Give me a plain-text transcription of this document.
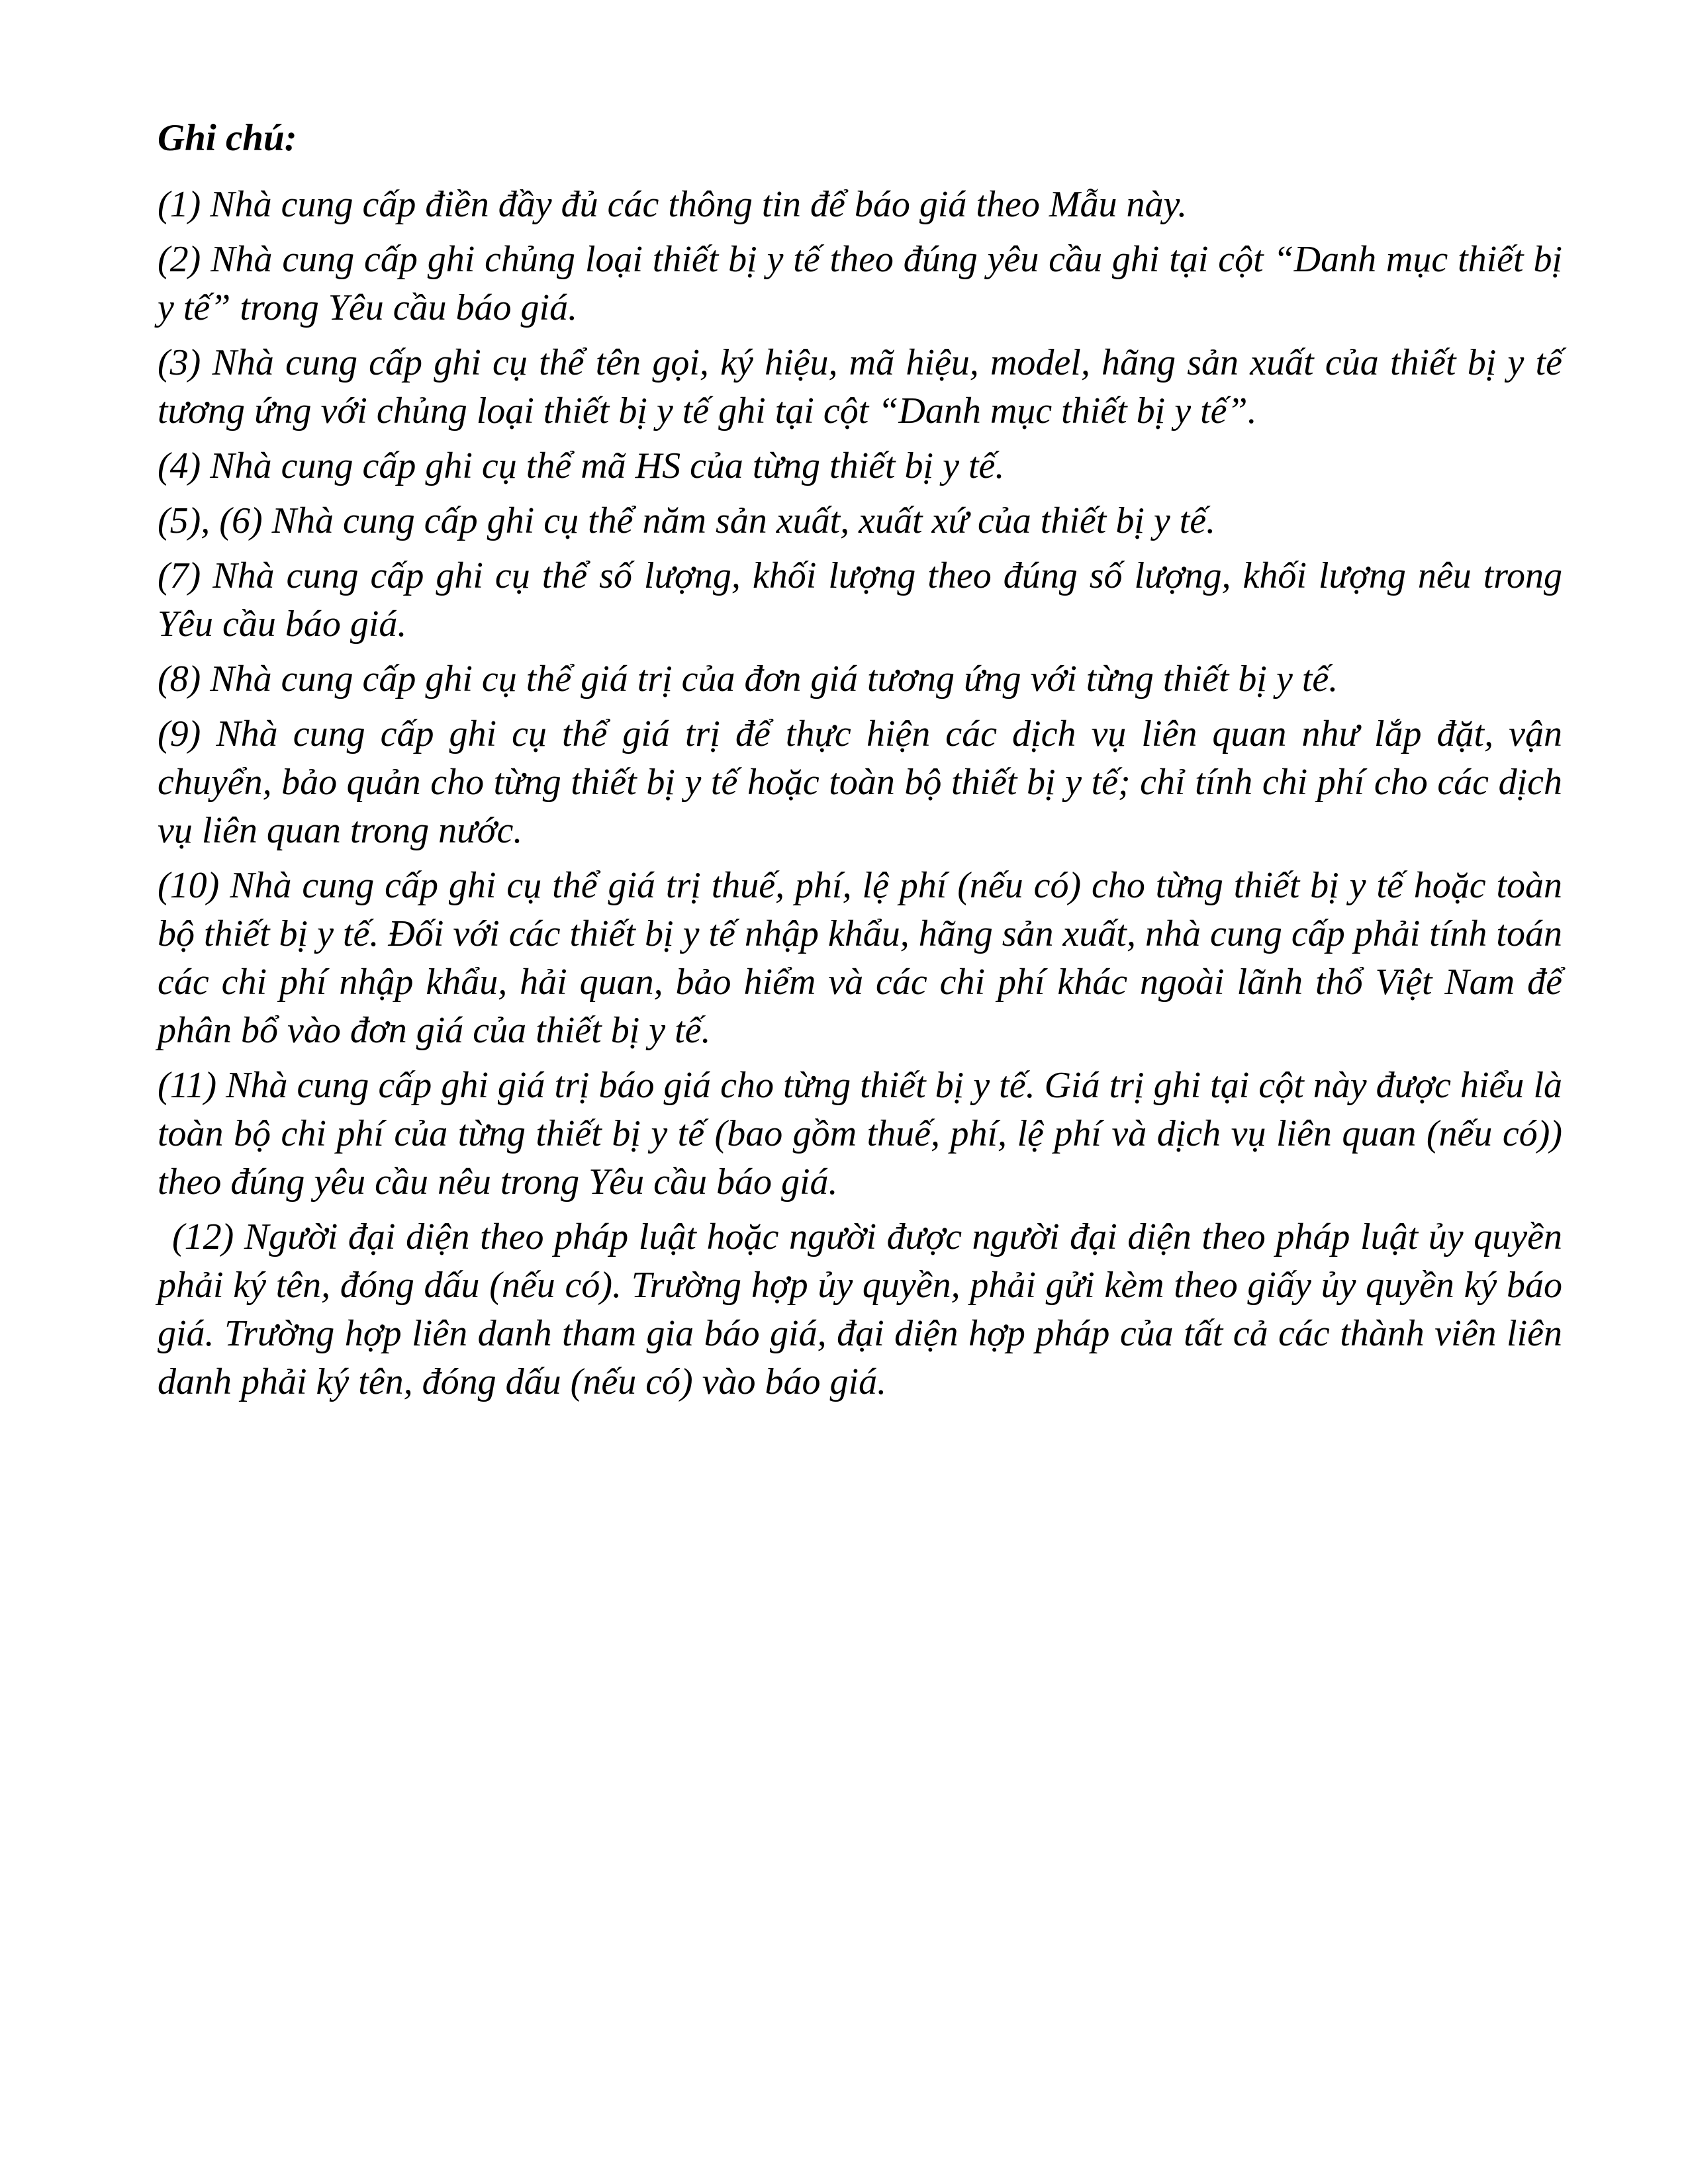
Ghi chú:

(1) Nhà cung cấp điền đầy đủ các thông tin để báo giá theo Mẫu này.

(2) Nhà cung cấp ghi chủng loại thiết bị y tế theo đúng yêu cầu ghi tại cột “Danh mục thiết bị y tế” trong Yêu cầu báo giá.

(3) Nhà cung cấp ghi cụ thể tên gọi, ký hiệu, mã hiệu, model, hãng sản xuất của thiết bị y tế tương ứng với chủng loại thiết bị y tế ghi tại cột “Danh mục thiết bị y tế”.

(4) Nhà cung cấp ghi cụ thể mã HS của từng thiết bị y tế.

(5), (6) Nhà cung cấp ghi cụ thể năm sản xuất, xuất xứ của thiết bị y tế.

(7) Nhà cung cấp ghi cụ thể số lượng, khối lượng theo đúng số lượng, khối lượng nêu trong Yêu cầu báo giá.

(8) Nhà cung cấp ghi cụ thể giá trị của đơn giá tương ứng với từng thiết bị y tế.

(9) Nhà cung cấp ghi cụ thể giá trị để thực hiện các dịch vụ liên quan như lắp đặt, vận chuyển, bảo quản cho từng thiết bị y tế hoặc toàn bộ thiết bị y tế; chỉ tính chi phí cho các dịch vụ liên quan trong nước.

(10) Nhà cung cấp ghi cụ thể giá trị thuế, phí, lệ phí (nếu có) cho từng thiết bị y tế hoặc toàn bộ thiết bị y tế. Đối với các thiết bị y tế nhập khẩu, hãng sản xuất, nhà cung cấp phải tính toán các chi phí nhập khẩu, hải quan, bảo hiểm và các chi phí khác ngoài lãnh thổ Việt Nam để phân bổ vào đơn giá của thiết bị y tế.

(11) Nhà cung cấp ghi giá trị báo giá cho từng thiết bị y tế. Giá trị ghi tại cột này được hiểu là toàn bộ chi phí của từng thiết bị y tế (bao gồm thuế, phí, lệ phí và dịch vụ liên quan (nếu có)) theo đúng yêu cầu nêu trong Yêu cầu báo giá.

(12) Người đại diện theo pháp luật hoặc người được người đại diện theo pháp luật ủy quyền phải ký tên, đóng dấu (nếu có). Trường hợp ủy quyền, phải gửi kèm theo giấy ủy quyền ký báo giá. Trường hợp liên danh tham gia báo giá, đại diện hợp pháp của tất cả các thành viên liên danh phải ký tên, đóng dấu (nếu có) vào báo giá.
